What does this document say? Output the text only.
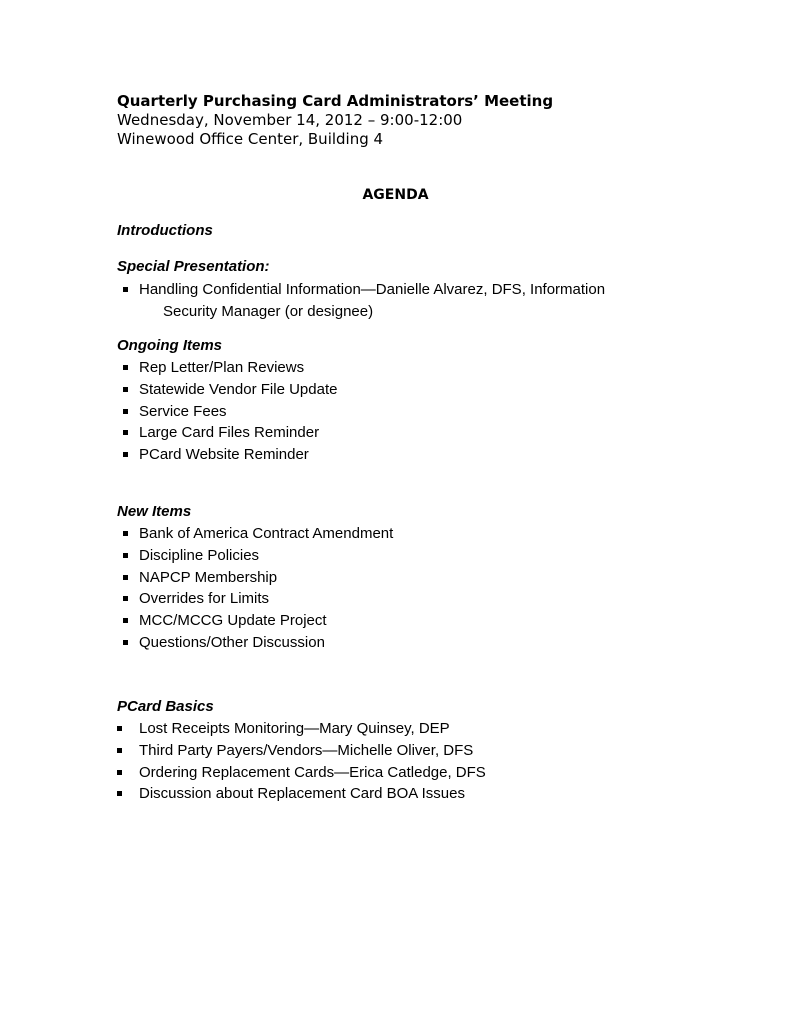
Quarterly Purchasing Card Administrators’ Meeting
Wednesday, November 14, 2012 – 9:00-12:00
Winewood Office Center, Building 4
AGENDA
Introductions
Special Presentation:
Handling Confidential Information—Danielle Alvarez, DFS, Information
Security Manager (or designee)
Ongoing Items
Rep Letter/Plan Reviews
Statewide Vendor File Update
Service Fees
Large Card Files Reminder
PCard Website Reminder
New Items
Bank of America Contract Amendment
Discipline Policies
NAPCP Membership
Overrides for Limits
MCC/MCCG Update Project
Questions/Other Discussion
PCard Basics
Lost Receipts Monitoring—Mary Quinsey, DEP
Third Party Payers/Vendors—Michelle Oliver, DFS
Ordering Replacement Cards—Erica Catledge, DFS
Discussion about Replacement Card BOA Issues
